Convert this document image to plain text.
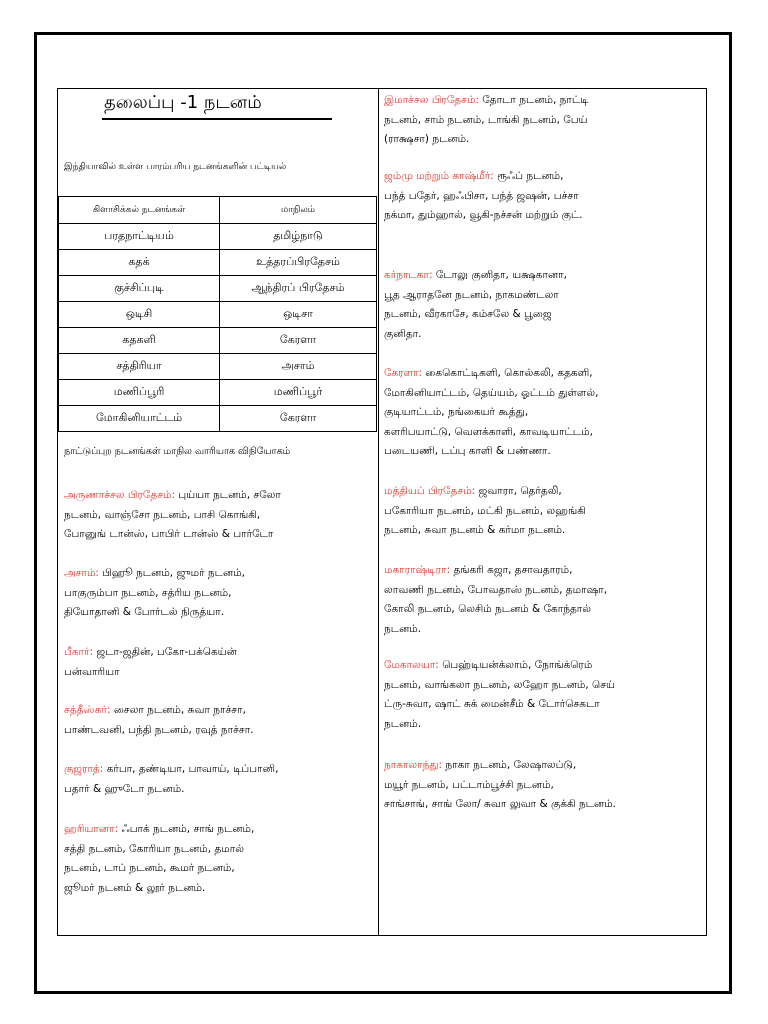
தலைப்பு -1 நடனம்
இந்தியாவில் உள்ள பாரம்பரிய நடனங்களின் பட்டியல்
கிளாசிக்கல் நடனங்கள்	மாநிலம்
பரதநாட்டியம்	தமிழ்நாடு
கதக்	உத்தரப்பிரதேசம்
குச்சிப்புடி	ஆந்திரப் பிரதேசம்
ஒடிசி	ஒடிசா
கதகளி	கேரளா
சத்திரியா	அசாம்
மணிப்பூரி	மணிப்பூர்
மோகினியாட்டம்	கேரளா
நாட்டுப்புற நடனங்கள் மாநில வாரியாக விநியோகம்
அருணாச்சல பிரதேசம்: புய்யா நடனம், சலோ
நடனம், வாஞ்சோ நடனம், பாசி கொங்கி,
போனுங் டான்ஸ், பாபிர் டான்ஸ் & பார்டோ
அசாம்: பிஹூ நடனம், ஜுமர் நடனம்,
பாகுரும்பா நடனம், சத்ரிய நடனம்,
தியோதானி & போர்டல் நிருத்யா.
பீகார்: ஜடா-ஜதின், பகோ-பக்கெய்ன்
பன்வாரியா
சத்தீஸ்கர்: சைலா நடனம், சுவா நாச்சா,
பாண்டவனி, பந்தி நடனம், ரவுத் நாச்சா.
குஜராத்: கர்பா, தண்டியா, பாவாய், டிப்பானி,
பதார் & ஹுடோ நடனம்.
ஹரியானா: ஃபாக் நடனம், சாங் நடனம்,
சத்தி நடனம், கோரியா நடனம், தமால்
நடனம், டாப் நடனம், கூமர் நடனம்,
ஜூமர் நடனம் & லூர் நடனம்.
இமாச்சல பிரதேசம்: தோடா நடனம், நாட்டி
நடனம், சாம் நடனம், டாங்கி நடனம், பேய்
(ராக்ஷசா) நடனம்.
ஜம்மு மற்றும் காஷ்மீர்: ரூஃப் நடனம்,
பந்த் பதேர், ஹஃபிசா, பந்த் ஜஷன், பச்சா
நக்மா, தும்ஹால், வூகி-நச்சன் மற்றும் குட்.
கர்நாடகா: டோலு குனிதா, யக்ஷகானா,
பூத ஆராதனே நடனம், நாகமண்டலா
நடனம், வீரகாசே, கம்சலே & பூஜை
குனிதா.
கேரளா: கைகொட்டிகளி, கொல்கலி, கதகளி,
மோகினியாட்டம், தெய்யம், ஓட்டம் துள்ளல்,
குடியாட்டம், நங்கையர் கூத்து,
களரிபயாட்டு, வெளக்காளி, காவடியாட்டம்,
படையணி, டப்பு காளி & பண்ணா.
மத்தியப் பிரதேசம்: ஜவாரா, தெர்தலி,
பகோரியா நடனம், மட்கி நடனம், லஹங்கி
நடனம், சுவா நடனம் & கர்மா நடனம்.
மகாராஷ்டிரா: தங்கரி கஜா, தசாவதாரம்,
லாவணி நடனம், போவதாஸ் நடனம், தமாஷா,
கோலி நடனம், லெசிம் நடனம் & கோந்தால்
நடனம்.
மேகாலயா: பெஹ்டியன்க்லாம், நோங்க்ரெம்
நடனம், வாங்கலா நடனம், லஹோ நடனம், செய்
ட்ரு-சுவா, ஷாட் சுக் மைன்சீம் & டோர்செகடா
நடனம்.
நாகாலாந்து: நாகா நடனம், லேஷாலப்டு,
மயூர் நடனம், பட்டாம்பூச்சி நடனம்,
சாங்சாங், சாங் லோ/ சுவா லுவா & குக்கி நடனம்.
